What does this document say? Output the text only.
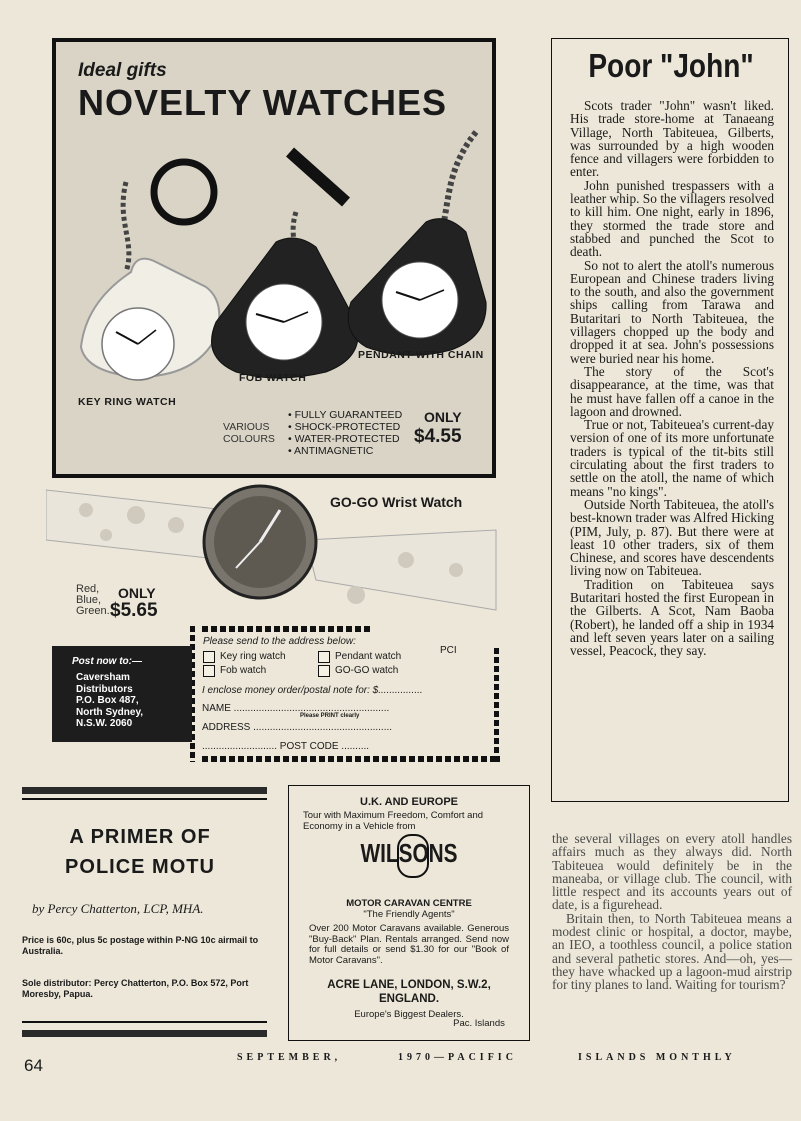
Ideal gifts
NOVELTY WATCHES
PENDANT WITH CHAIN
FOB WATCH
KEY RING WATCH
VARIOUS
COLOURS
• FULLY GUARANTEED
• SHOCK-PROTECTED
• WATER-PROTECTED
• ANTIMAGNETIC
ONLY
$4.55
GO-GO Wrist Watch
Red,
Blue,
Green.
ONLY
$5.65
Please send to the address below:
PCI
Key ring watch	Pendant watch
Fob watch	GO-GO watch
I enclose money order/postal note for: $................
NAME ........................................................
Please PRINT clearly
ADDRESS ..................................................
........................... POST CODE ..........
Post now to:—
Caversham
Distributors
P.O. Box 487,
North Sydney,
N.S.W. 2060
Poor "John"

Scots trader "John" wasn't liked. His trade store-home at Tanaeang Village, North Tabiteuea, Gilberts, was surrounded by a high wooden fence and villagers were forbidden to enter.

John punished trespassers with a leather whip. So the villagers resolved to kill him. One night, early in 1896, they stormed the trade store and stabbed and punched the Scot to death.

So not to alert the atoll's numerous European and Chinese traders living to the south, and also the government ships calling from Tarawa and Butaritari to North Tabiteuea, the villagers chopped up the body and dropped it at sea. John's possessions were buried near his home.

The story of the Scot's disappearance, at the time, was that he must have fallen off a canoe in the lagoon and drowned.

True or not, Tabiteuea's current-day version of one of its more unfortunate traders is typical of the tit-bits still circulating about the first traders to settle on the atoll, the name of which means "no kings".

Outside North Tabiteuea, the atoll's best-known trader was Alfred Hicking (PIM, July, p. 87). But there were at least 10 other traders, six of them Chinese, and scores have descendents living now on Tabiteuea.

Tradition on Tabiteuea says Butaritari hosted the first European in the Gilberts. A Scot, Nam Baoba (Robert), he landed off a ship in 1934 and left seven years later on a sailing vessel, Peacock, they say.

the several villages on every atoll handles affairs much as they always did. North Tabiteuea would definitely be in the maneaba, or village club. The council, with little respect and its accounts years out of date, is a figurehead.

Britain then, to North Tabiteuea means a modest clinic or hospital, a doctor, maybe, an IEO, a toothless council, a police station and several pathetic stores. And—oh, yes—they have whacked up a lagoon-mud airstrip for tiny planes to land. Waiting for tourism?

A PRIMER OF
POLICE MOTU
by Percy Chatterton, LCP, MHA.
Price is 60c, plus 5c postage within P-NG 10c airmail to Australia.
Sole distributor: Percy Chatterton, P.O. Box 572, Port Moresby, Papua.
U.K. AND EUROPE
Tour with Maximum Freedom, Comfort and Economy in a Vehicle from
WILSONS
MOTOR CARAVAN CENTRE
"The Friendly Agents"
Over 200 Motor Caravans available. Generous "Buy-Back" Plan. Rentals arranged. Send now for full details or send $1.30 for our "Book of Motor Caravans".
ACRE LANE, LONDON, S.W.2,
ENGLAND.
Europe's Biggest Dealers.
Pac. Islands
64	SEPTEMBER,	1970—PACIFIC	ISLANDS MONTHLY
